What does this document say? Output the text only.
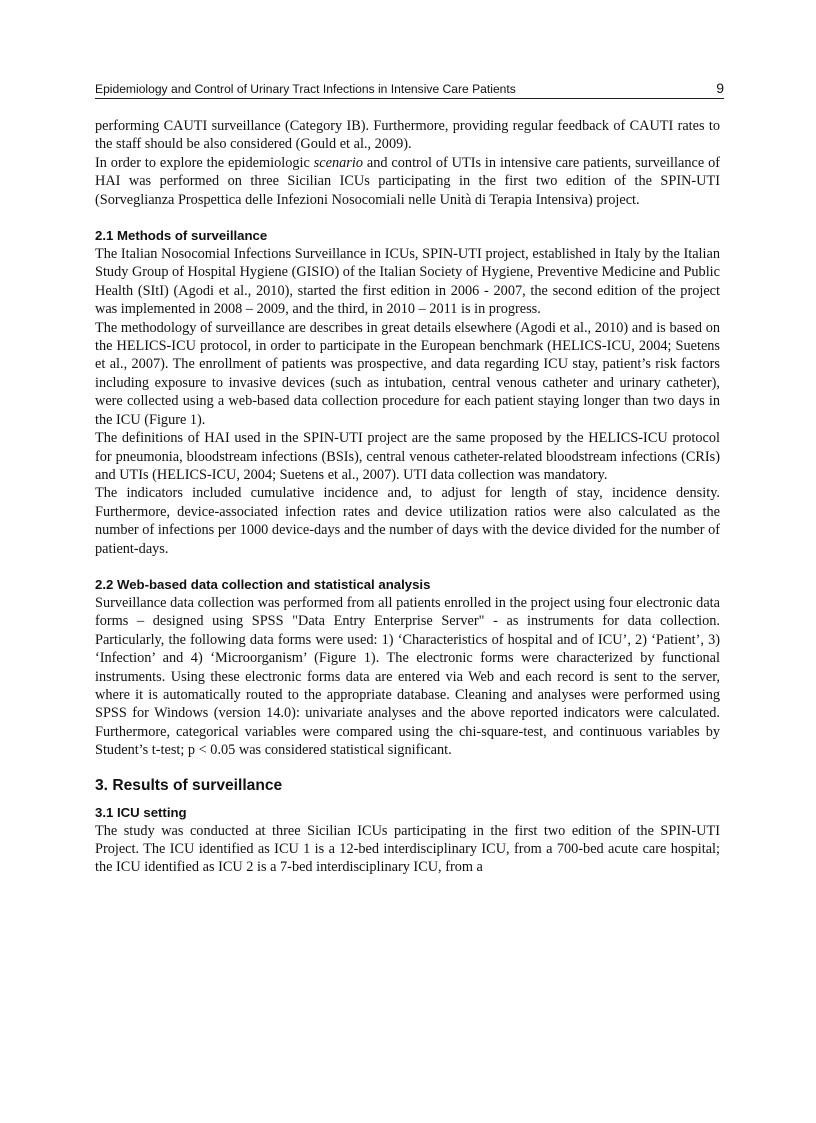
Epidemiology and Control of Urinary Tract Infections in Intensive Care Patients	9

performing CAUTI surveillance (Category IB). Furthermore, providing regular feedback of CAUTI rates to the staff should be also considered (Gould et al., 2009).

In order to explore the epidemiologic scenario and control of UTIs in intensive care patients, surveillance of HAI was performed on three Sicilian ICUs participating in the first two edition of the SPIN-UTI (Sorveglianza Prospettica delle Infezioni Nosocomiali nelle Unità di Terapia Intensiva) project.

2.1 Methods of surveillance

The Italian Nosocomial Infections Surveillance in ICUs, SPIN-UTI project, established in Italy by the Italian Study Group of Hospital Hygiene (GISIO) of the Italian Society of Hygiene, Preventive Medicine and Public Health (SItI) (Agodi et al., 2010), started the first edition in 2006 - 2007, the second edition of the project was implemented in 2008 – 2009, and the third, in 2010 – 2011 is in progress.

The methodology of surveillance are describes in great details elsewhere (Agodi et al., 2010) and is based on the HELICS-ICU protocol, in order to participate in the European benchmark (HELICS-ICU, 2004; Suetens et al., 2007). The enrollment of patients was prospective, and data regarding ICU stay, patient’s risk factors including exposure to invasive devices (such as intubation, central venous catheter and urinary catheter), were collected using a web-based data collection procedure for each patient staying longer than two days in the ICU (Figure 1).

The definitions of HAI used in the SPIN-UTI project are the same proposed by the HELICS-ICU protocol for pneumonia, bloodstream infections (BSIs), central venous catheter-related bloodstream infections (CRIs) and UTIs (HELICS-ICU, 2004; Suetens et al., 2007). UTI data collection was mandatory.

The indicators included cumulative incidence and, to adjust for length of stay, incidence density. Furthermore, device-associated infection rates and device utilization ratios were also calculated as the number of infections per 1000 device-days and the number of days with the device divided for the number of patient-days.

2.2 Web-based data collection and statistical analysis

Surveillance data collection was performed from all patients enrolled in the project using four electronic data forms – designed using SPSS "Data Entry Enterprise Server" - as instruments for data collection. Particularly, the following data forms were used: 1) ‘Characteristics of hospital and of ICU’, 2) ‘Patient’, 3) ‘Infection’ and 4) ‘Microorganism’ (Figure 1). The electronic forms were characterized by functional instruments. Using these electronic forms data are entered via Web and each record is sent to the server, where it is automatically routed to the appropriate database. Cleaning and analyses were performed using SPSS for Windows (version 14.0): univariate analyses and the above reported indicators were calculated. Furthermore, categorical variables were compared using the chi-square-test, and continuous variables by Student’s t-test; p < 0.05 was considered statistical significant.

3. Results of surveillance
3.1 ICU setting

The study was conducted at three Sicilian ICUs participating in the first two edition of the SPIN-UTI Project. The ICU identified as ICU 1 is a 12-bed interdisciplinary ICU, from a 700-bed acute care hospital; the ICU identified as ICU 2 is a 7-bed interdisciplinary ICU, from a
